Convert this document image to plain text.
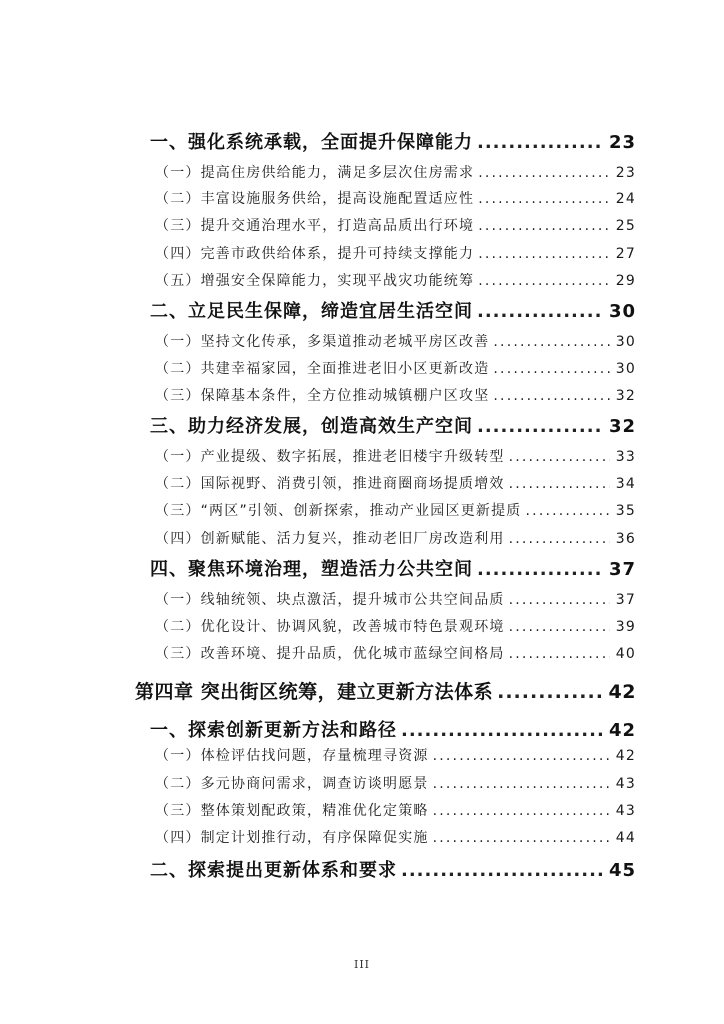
一、强化系统承载，全面提升保障能力 .....	23
（一）提高住房供给能力，满足多层次住房需求 .....	23
（二）丰富设施服务供给，提高设施配置适应性 .....	24
（三）提升交通治理水平，打造高品质出行环境 .....	25
（四）完善市政供给体系，提升可持续支撑能力 .....	27
（五）增强安全保障能力，实现平战灾功能统筹 .....	29
二、立足民生保障，缔造宜居生活空间 .....	30
（一）坚持文化传承，多渠道推动老城平房区改善 .....	30
（二）共建幸福家园，全面推进老旧小区更新改造 .....	30
（三）保障基本条件，全方位推动城镇棚户区攻坚 .....	32
三、助力经济发展，创造高效生产空间 .....	32
（一）产业提级、数字拓展，推进老旧楼宇升级转型 .....	33
（二）国际视野、消费引领，推进商圈商场提质增效 .....	34
（三）“两区”引领、创新探索，推动产业园区更新提质 .....	35
（四）创新赋能、活力复兴，推动老旧厂房改造利用 .....	36
四、聚焦环境治理，塑造活力公共空间 .....	37
（一）线轴统领、块点激活，提升城市公共空间品质 .....	37
（二）优化设计、协调风貌，改善城市特色景观环境 .....	39
（三）改善环境、提升品质，优化城市蓝绿空间格局 .....	40
第四章 突出街区统筹，建立更新方法体系 .....	42
一、探索创新更新方法和路径 .....	42
（一）体检评估找问题，存量梳理寻资源 .....	42
（二）多元协商问需求，调查访谈明愿景 .....	43
（三）整体策划配政策，精准优化定策略 .....	43
（四）制定计划推行动，有序保障促实施 .....	44
二、探索提出更新体系和要求 .....	45
III
